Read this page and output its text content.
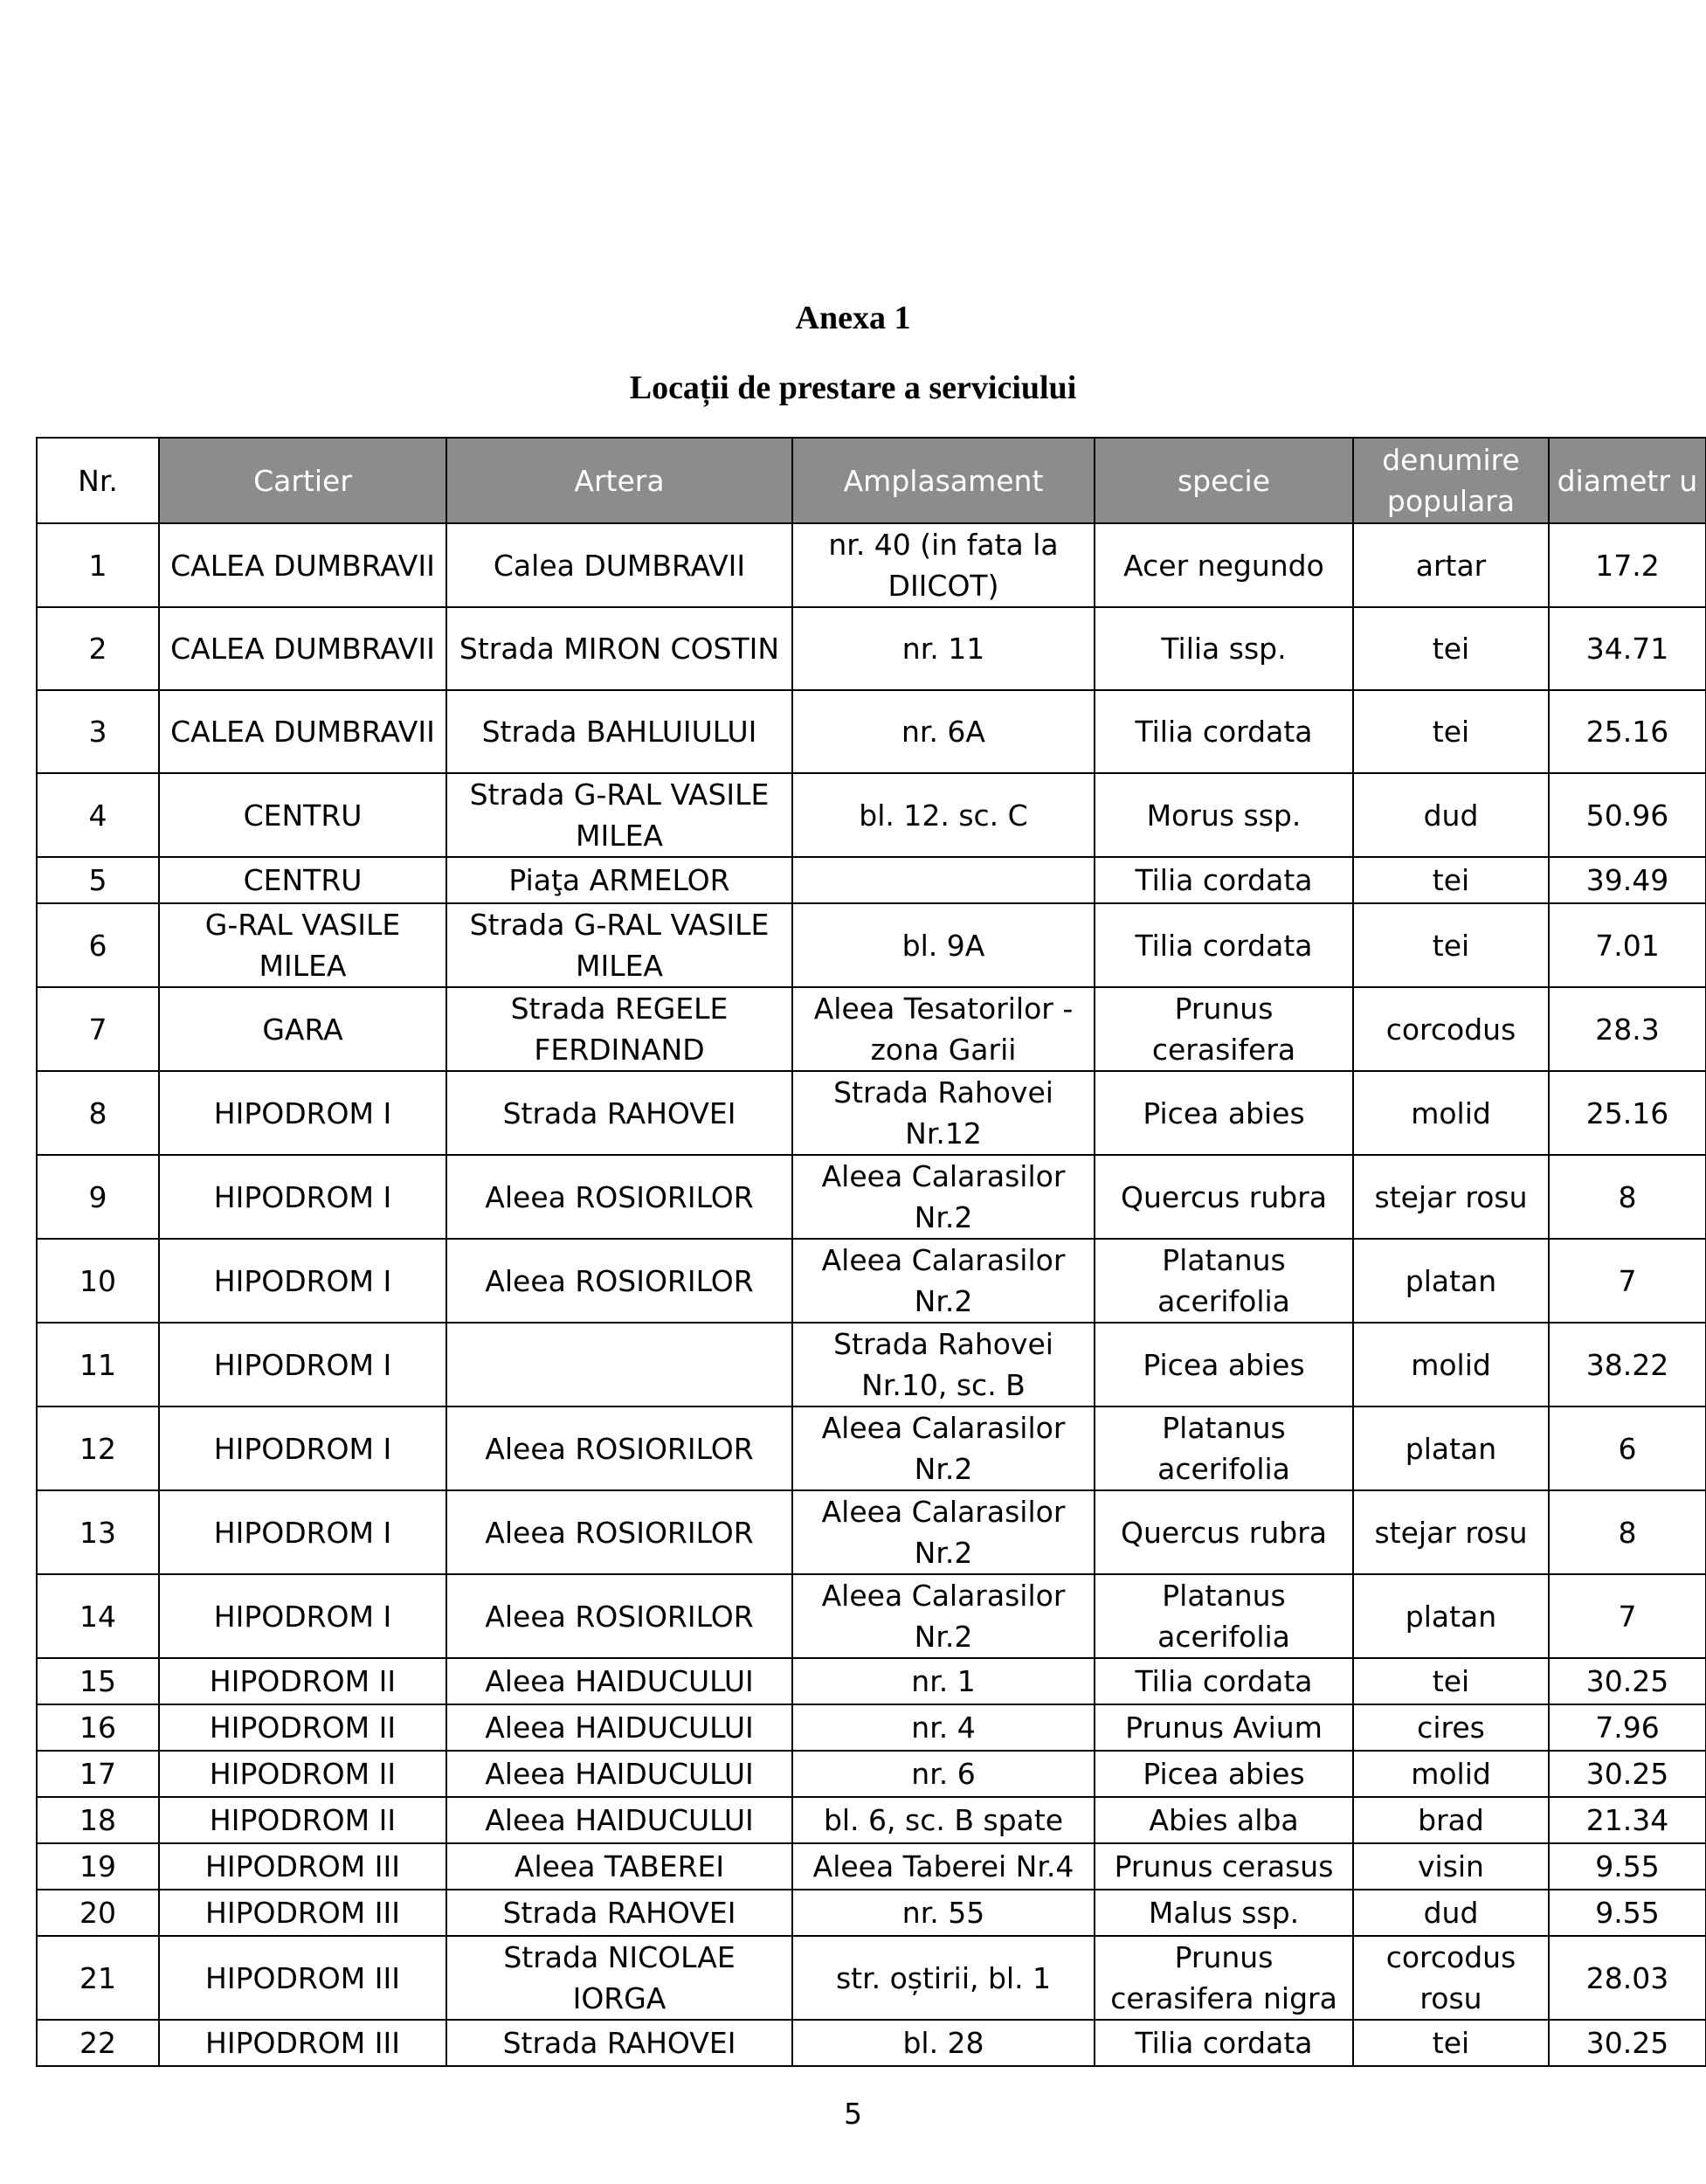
Anexa 1
Locații de prestare a serviciului
Nr.	Cartier	Artera	Amplasament	specie	denumire populara	diametr u
1	CALEA DUMBRAVII	Calea DUMBRAVII	nr. 40 (in fata la DIICOT)	Acer negundo	artar	17.2
2	CALEA DUMBRAVII	Strada MIRON COSTIN	nr. 11	Tilia ssp.	tei	34.71
3	CALEA DUMBRAVII	Strada BAHLUIULUI	nr. 6A	Tilia cordata	tei	25.16
4	CENTRU	Strada G-RAL VASILE MILEA	bl. 12. sc. C	Morus ssp.	dud	50.96
5	CENTRU	Piaţa ARMELOR		Tilia cordata	tei	39.49
6	G-RAL VASILE MILEA	Strada G-RAL VASILE MILEA	bl. 9A	Tilia cordata	tei	7.01
7	GARA	Strada REGELE FERDINAND	Aleea Tesatorilor - zona Garii	Prunus cerasifera	corcodus	28.3
8	HIPODROM I	Strada RAHOVEI	Strada Rahovei Nr.12	Picea abies	molid	25.16
9	HIPODROM I	Aleea ROSIORILOR	Aleea Calarasilor Nr.2	Quercus rubra	stejar rosu	8
10	HIPODROM I	Aleea ROSIORILOR	Aleea Calarasilor Nr.2	Platanus acerifolia	platan	7
11	HIPODROM I		Strada Rahovei Nr.10, sc. B	Picea abies	molid	38.22
12	HIPODROM I	Aleea ROSIORILOR	Aleea Calarasilor Nr.2	Platanus acerifolia	platan	6
13	HIPODROM I	Aleea ROSIORILOR	Aleea Calarasilor Nr.2	Quercus rubra	stejar rosu	8
14	HIPODROM I	Aleea ROSIORILOR	Aleea Calarasilor Nr.2	Platanus acerifolia	platan	7
15	HIPODROM II	Aleea HAIDUCULUI	nr. 1	Tilia cordata	tei	30.25
16	HIPODROM II	Aleea HAIDUCULUI	nr. 4	Prunus Avium	cires	7.96
17	HIPODROM II	Aleea HAIDUCULUI	nr. 6	Picea abies	molid	30.25
18	HIPODROM II	Aleea HAIDUCULUI	bl. 6, sc. B spate	Abies alba	brad	21.34
19	HIPODROM III	Aleea TABEREI	Aleea Taberei Nr.4	Prunus cerasus	visin	9.55
20	HIPODROM III	Strada RAHOVEI	nr. 55	Malus ssp.	dud	9.55
21	HIPODROM III	Strada NICOLAE IORGA	str. oștirii, bl. 1	Prunus cerasifera nigra	corcodus rosu	28.03
22	HIPODROM III	Strada RAHOVEI	bl. 28	Tilia cordata	tei	30.25
5
